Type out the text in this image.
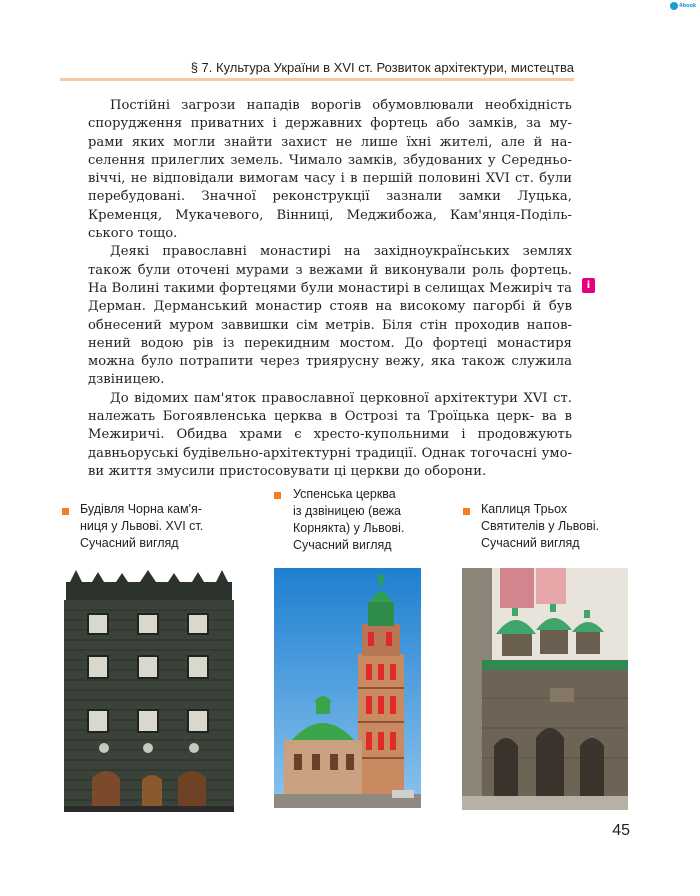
4book
§ 7. Культура України в XVI ст. Розвиток архітектури, мистецтва

Постійні загрози нападів ворогів обумовлювали необхідність спорудження приватних і державних фортець або замків, за му- рами яких могли знайти захист не лише їхні жителі, але й на- селення прилеглих земель. Чимало замків, збудованих у Середньо- віччі, не відповідали вимогам часу і в першій половині XVI ст. були перебудовані. Значної реконструкції зазнали замки Луцька, Кременця, Мукачевого, Вінниці, Меджибожа, Кам'янця-Поділь- ського тощо.

Деякі православні монастирі на західноукраїнських землях також були оточені мурами з вежами й виконували роль фортець. На Волині такими фортецями були монастирі в селищах Межиріч та Дерман. Дерманський монастир стояв на високому пагорбі й був обнесений муром заввишки сім метрів. Біля стін проходив напов- нений водою рів із перекидним мостом. До фортеці монастиря можна було потрапити через триярусну вежу, яка також служила дзвіницею.

До відомих пам'яток православної церковної архітектури XVI ст. належать Богоявленська церква в Острозі та Троїцька церк- ва в Межиричі. Обидва храми є хресто-купольними і продовжують давньоруські будівельно-архітектурні традиції. Однак тогочасні умо- ви життя змусили пристосовувати ці церкви до оборони.

i
Будівля Чорна кам'я-
ниця у Львові. XVI ст.
Сучасний вигляд
Успенська церква
із дзвіницею (вежа
Корнякта) у Львові.
Сучасний вигляд
Каплиця Трьох
Святителів у Львові.
Сучасний вигляд
45
